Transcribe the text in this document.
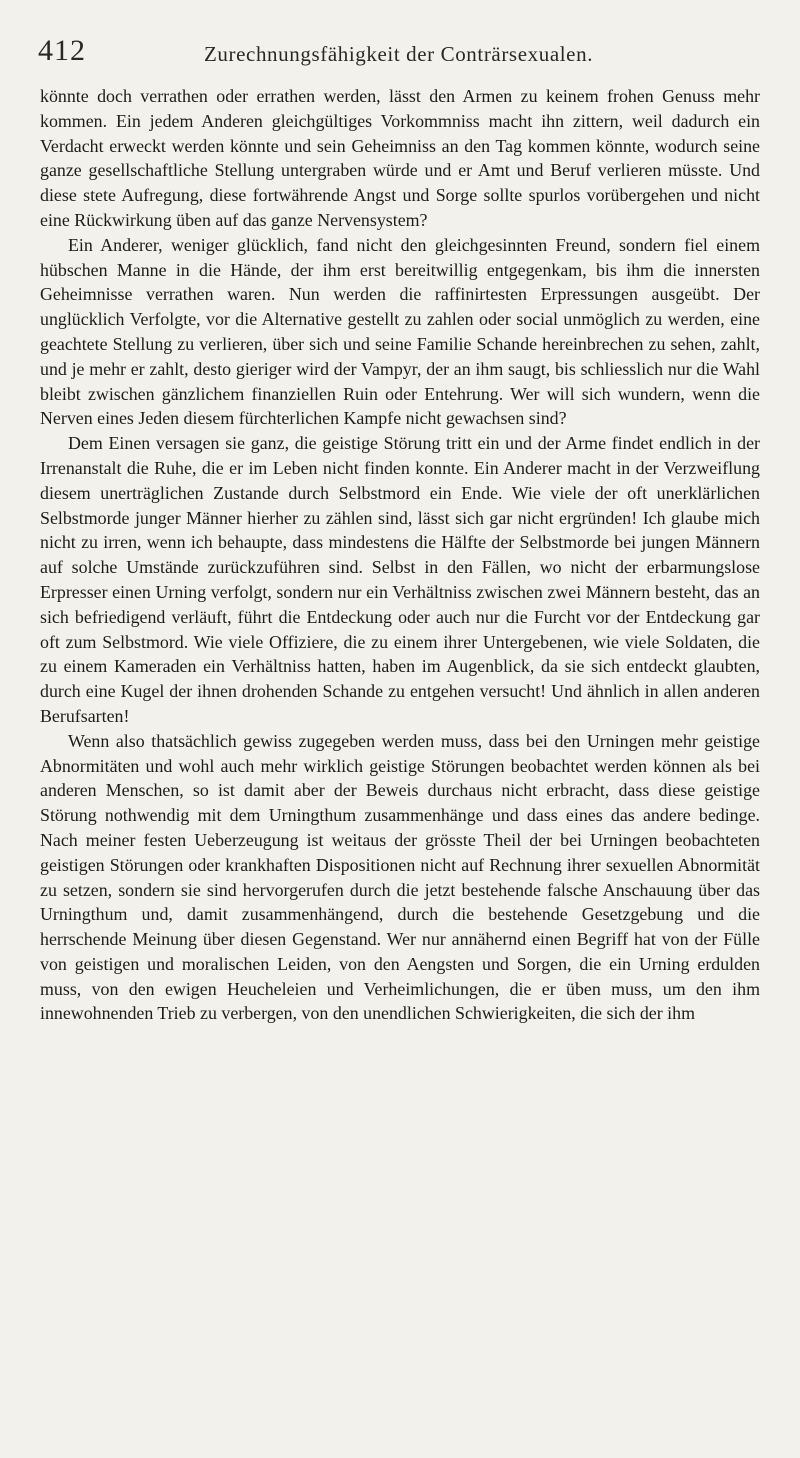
412	Zurechnungsfähigkeit der Conträrsexualen.

könnte doch verrathen oder errathen werden, lässt den Armen zu keinem frohen Genuss mehr kommen. Ein jedem Anderen gleichgültiges Vorkommniss macht ihn zittern, weil dadurch ein Verdacht erweckt werden könnte und sein Geheimniss an den Tag kommen könnte, wodurch seine ganze gesellschaftliche Stellung untergraben würde und er Amt und Beruf verlieren müsste. Und diese stete Aufregung, diese fortwährende Angst und Sorge sollte spurlos vorübergehen und nicht eine Rückwirkung üben auf das ganze Nervensystem?

Ein Anderer, weniger glücklich, fand nicht den gleichgesinnten Freund, sondern fiel einem hübschen Manne in die Hände, der ihm erst bereitwillig entgegenkam, bis ihm die innersten Geheimnisse verrathen waren. Nun werden die raffinirtesten Erpressungen ausgeübt. Der unglücklich Verfolgte, vor die Alternative gestellt zu zahlen oder social unmöglich zu werden, eine geachtete Stellung zu verlieren, über sich und seine Familie Schande hereinbrechen zu sehen, zahlt, und je mehr er zahlt, desto gieriger wird der Vampyr, der an ihm saugt, bis schliesslich nur die Wahl bleibt zwischen gänzlichem finanziellen Ruin oder Entehrung. Wer will sich wundern, wenn die Nerven eines Jeden diesem fürchterlichen Kampfe nicht gewachsen sind?

Dem Einen versagen sie ganz, die geistige Störung tritt ein und der Arme findet endlich in der Irrenanstalt die Ruhe, die er im Leben nicht finden konnte. Ein Anderer macht in der Verzweiflung diesem unerträglichen Zustande durch Selbstmord ein Ende. Wie viele der oft unerklärlichen Selbstmorde junger Männer hierher zu zählen sind, lässt sich gar nicht ergründen! Ich glaube mich nicht zu irren, wenn ich behaupte, dass mindestens die Hälfte der Selbstmorde bei jungen Männern auf solche Umstände zurückzuführen sind. Selbst in den Fällen, wo nicht der erbarmungslose Erpresser einen Urning verfolgt, sondern nur ein Verhältniss zwischen zwei Männern besteht, das an sich befriedigend verläuft, führt die Entdeckung oder auch nur die Furcht vor der Entdeckung gar oft zum Selbstmord. Wie viele Offiziere, die zu einem ihrer Untergebenen, wie viele Soldaten, die zu einem Kameraden ein Verhältniss hatten, haben im Augenblick, da sie sich entdeckt glaubten, durch eine Kugel der ihnen drohenden Schande zu entgehen versucht! Und ähnlich in allen anderen Berufsarten!

Wenn also thatsächlich gewiss zugegeben werden muss, dass bei den Urningen mehr geistige Abnormitäten und wohl auch mehr wirklich geistige Störungen beobachtet werden können als bei anderen Menschen, so ist damit aber der Beweis durchaus nicht erbracht, dass diese geistige Störung nothwendig mit dem Urningthum zusammenhänge und dass eines das andere bedinge. Nach meiner festen Ueberzeugung ist weitaus der grösste Theil der bei Urningen beobachteten geistigen Störungen oder krankhaften Dispositionen nicht auf Rechnung ihrer sexuellen Abnormität zu setzen, sondern sie sind hervorgerufen durch die jetzt bestehende falsche Anschauung über das Urningthum und, damit zusammenhängend, durch die bestehende Gesetzgebung und die herrschende Meinung über diesen Gegenstand. Wer nur annähernd einen Begriff hat von der Fülle von geistigen und moralischen Leiden, von den Aengsten und Sorgen, die ein Urning erdulden muss, von den ewigen Heucheleien und Verheimlichungen, die er üben muss, um den ihm innewohnenden Trieb zu verbergen, von den unendlichen Schwierigkeiten, die sich der ihm
